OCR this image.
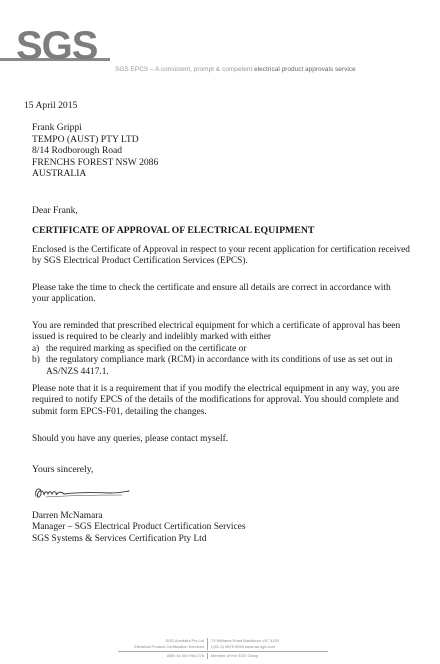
SGS
SGS EPCS – A consistent, prompt & competent electrical product approvals service
15 April 2015
Frank Grippi
TEMPO (AUST) PTY LTD
8/14 Rodborough Road
FRENCHS FOREST NSW 2086
AUSTRALIA
Dear Frank,
CERTIFICATE OF APPROVAL OF ELECTRICAL EQUIPMENT
Enclosed is the Certificate of Approval in respect to your recent application for certification received by SGS Electrical Product Certification Services (EPCS).
Please take the time to check the certificate and ensure all details are correct in accordance with your application.
You are reminded that prescribed electrical equipment for which a certificate of approval has been issued is required to be clearly and indelibly marked with either
a) the required marking as specified on the certificate or
b) the regulatory compliance mark (RCM) in accordance with its conditions of use as set out in AS/NZS 4417.1.
Please note that it is a requirement that if you modify the electrical equipment in any way, you are required to notify EPCS of the details of the modifications for approval. You should complete and submit form EPCS-F01, detailing the changes.
Should you have any queries, please contact myself.
Yours sincerely,
Darren McNamara
Manager – SGS Electrical Product Certification Services
SGS Systems & Services Certification Pty Ltd
SGS Australia Pty Ltd	73 Williams Road Blackburn VIC 3130
Electrical Product Certification Services	t (61-3) 9875 5050 www.au.sgs.com
ABN 44 000 964 278	Member of the SGS Group
